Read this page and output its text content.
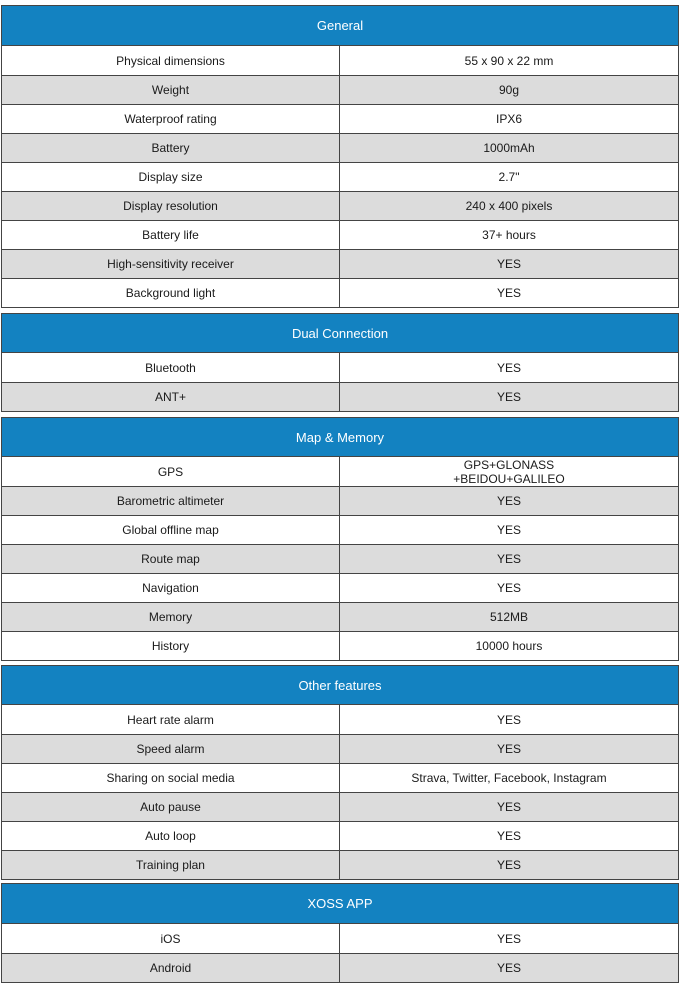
General
Physical dimensions	55 x 90 x 22 mm
Weight	90g
Waterproof rating	IPX6
Battery	1000mAh
Display size	2.7"
Display resolution	240 x 400 pixels
Battery life	37+ hours
High-sensitivity receiver	YES
Background light	YES
Dual Connection
Bluetooth	YES
ANT+	YES
Map & Memory
GPS	GPS+GLONASS
+BEIDOU+GALILEO
Barometric altimeter	YES
Global offline map	YES
Route map	YES
Navigation	YES
Memory	512MB
History	10000 hours
Other features
Heart rate alarm	YES
Speed alarm	YES
Sharing on social media	Strava, Twitter, Facebook, Instagram
Auto pause	YES
Auto loop	YES
Training plan	YES
XOSS APP
iOS	YES
Android	YES
